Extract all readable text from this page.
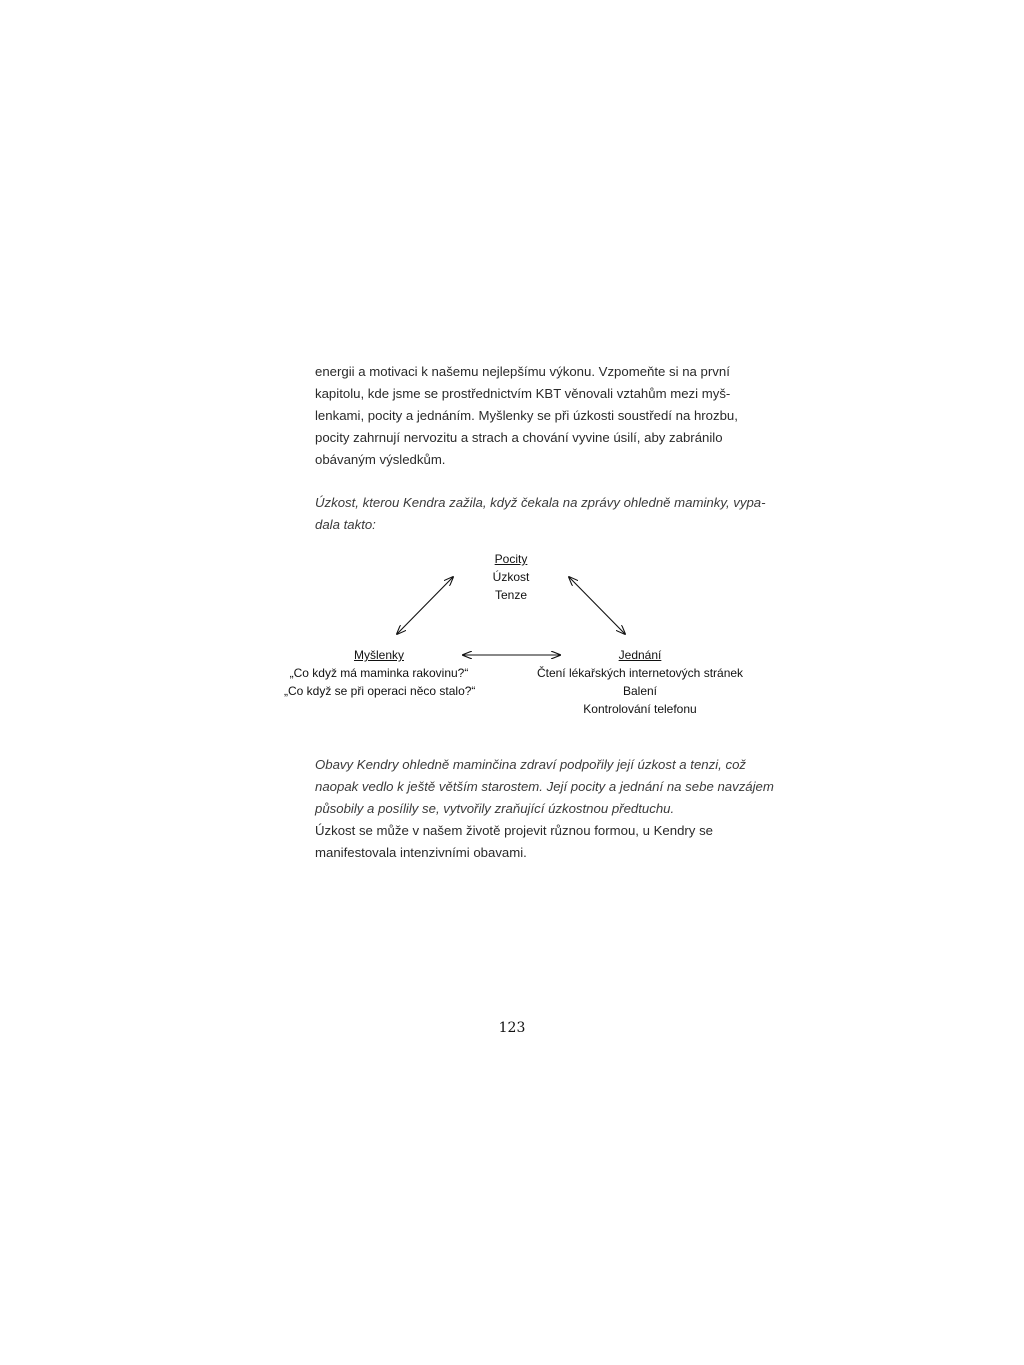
energii a motivaci k našemu nejlepšímu výkonu. Vzpomeňte si na první
kapitolu, kde jsme se prostřednictvím KBT věnovali vztahům mezi myš-
lenkami, pocity a jednáním. Myšlenky se při úzkosti soustředí na hrozbu,
pocity zahrnují nervozitu a strach a chování vyvine úsilí, aby zabránilo
obávaným výsledkům.
Úzkost, kterou Kendra zažila, když čekala na zprávy ohledně maminky, vypa-
dala takto:
Pocity
Úzkost
Tenze
Myšlenky
„Co když má maminka rakovinu?“
„Co když se při operaci něco stalo?“
Jednání
Čtení lékařských internetových stránek
Balení
Kontrolování telefonu
Obavy Kendry ohledně maminčina zdraví podpořily její úzkost a tenzi, což
naopak vedlo k ještě větším starostem. Její pocity a jednání na sebe navzájem
působily a posílily se, vytvořily zraňující úzkostnou předtuchu.
Úzkost se může v našem životě projevit různou formou, u Kendry se
manifestovala intenzivními obavami.
123
